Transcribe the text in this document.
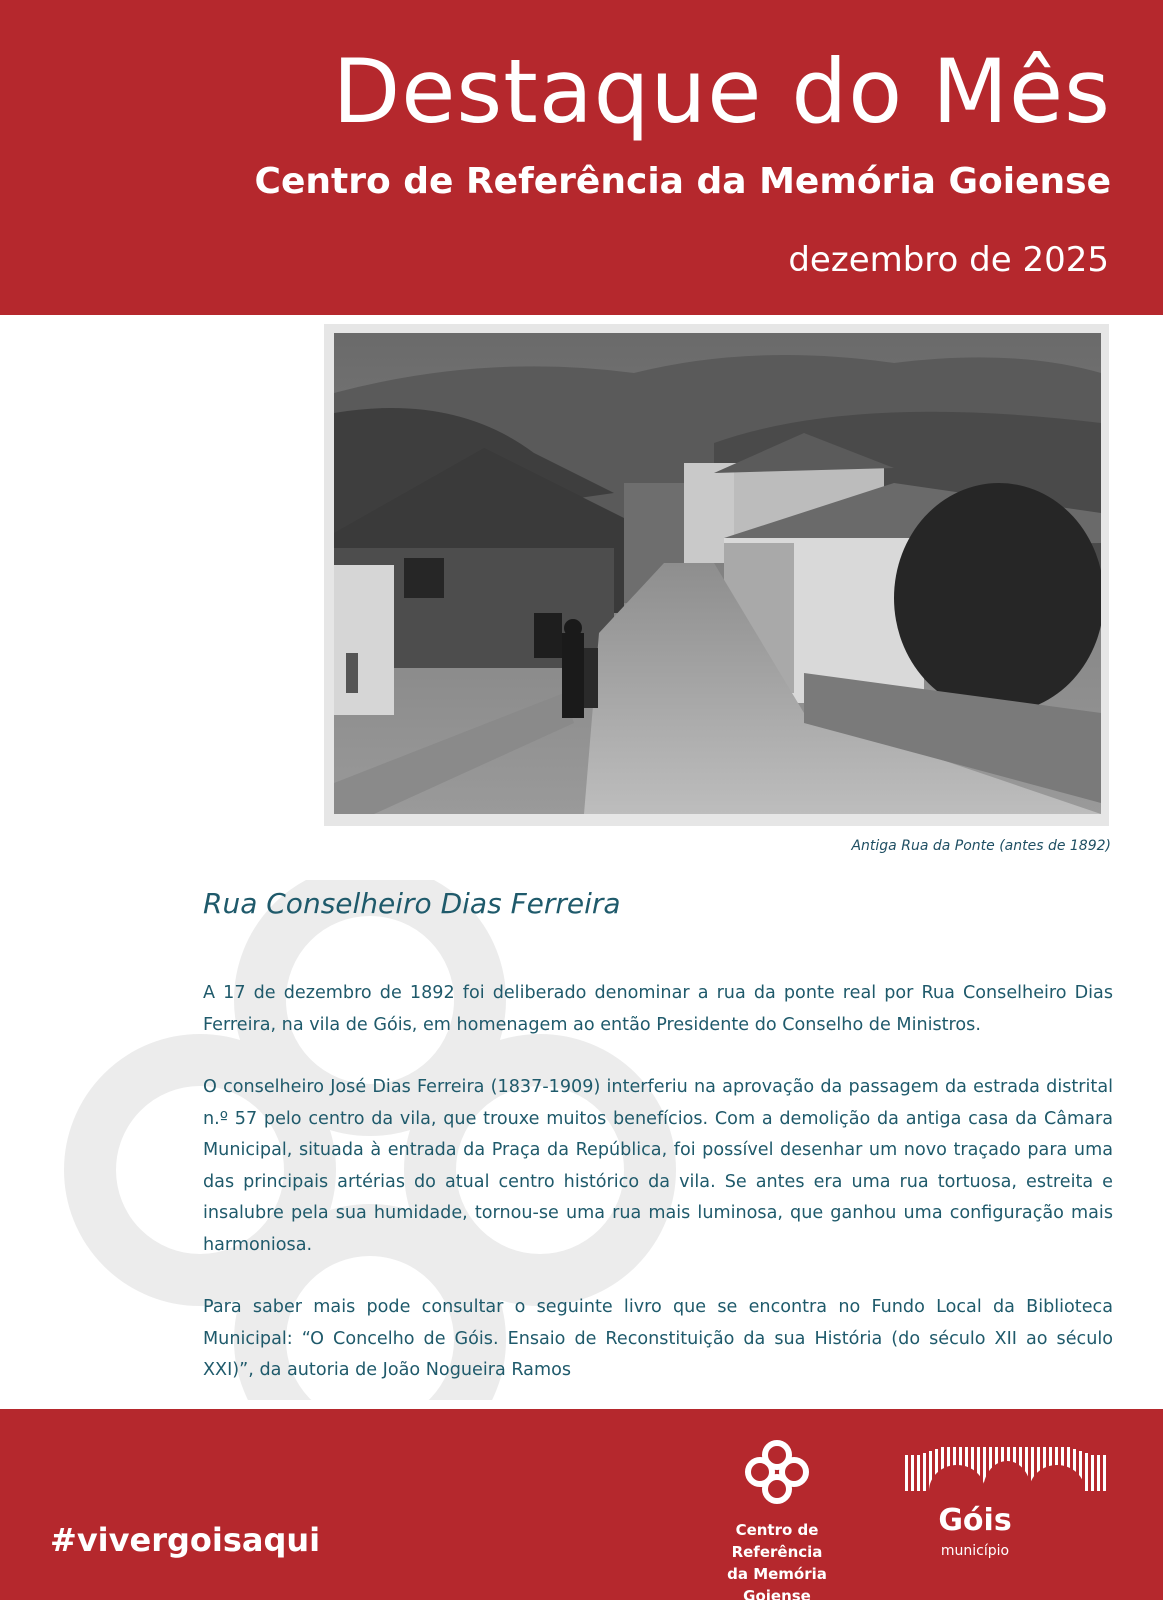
Destaque do Mês
Centro de Referência da Memória Goiense
dezembro de 2025
Antiga Rua da Ponte (antes de 1892)
Rua Conselheiro Dias Ferreira

A 17 de dezembro de 1892 foi deliberado denominar a rua da ponte real por Rua Conselheiro Dias Ferreira, na vila de Góis, em homenagem ao então Presidente do Conselho de Ministros.

O conselheiro José Dias Ferreira (1837-1909) interferiu na aprovação da passagem da estrada distrital n.º 57 pelo centro da vila, que trouxe muitos benefícios. Com a demolição da antiga casa da Câmara Municipal, situada à entrada da Praça da República, foi possível desenhar um novo traçado para uma das principais artérias do atual centro histórico da vila. Se antes era uma rua tortuosa, estreita e insalubre pela sua humidade, tornou-se uma rua mais luminosa, que ganhou uma configuração mais harmoniosa.

Para saber mais pode consultar o seguinte livro que se encontra no Fundo Local da Biblioteca Municipal: “O Concelho de Góis. Ensaio de Reconstituição da sua História (do século XII ao século XXI)”, da autoria de João Nogueira Ramos

#vivergoisaqui	Centro de Referência
da Memória Goiense
Góis
município
